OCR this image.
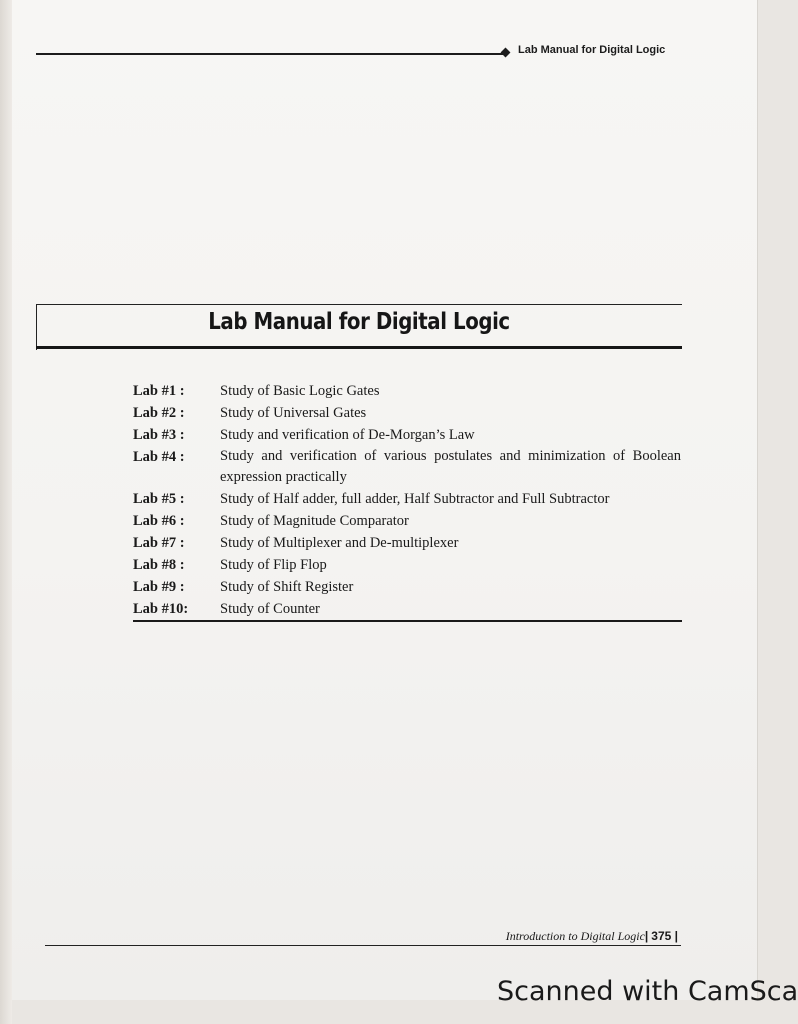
Lab Manual for Digital Logic
Lab Manual for Digital Logic
Lab #1 :	Study of Basic Logic Gates
Lab #2 :	Study of Universal Gates
Lab #3 :	Study and verification of De-Morgan’s Law
Lab #4 :	Study and verification of various postulates and minimization of Boolean expression practically
Lab #5 :	Study of Half adder, full adder, Half Subtractor and Full Subtractor
Lab #6 :	Study of Magnitude Comparator
Lab #7 :	Study of Multiplexer and De-multiplexer
Lab #8 :	Study of Flip Flop
Lab #9 :	Study of Shift Register
Lab #10:	Study of Counter
Introduction to Digital Logic| 375 |
Scanned with CamSca
